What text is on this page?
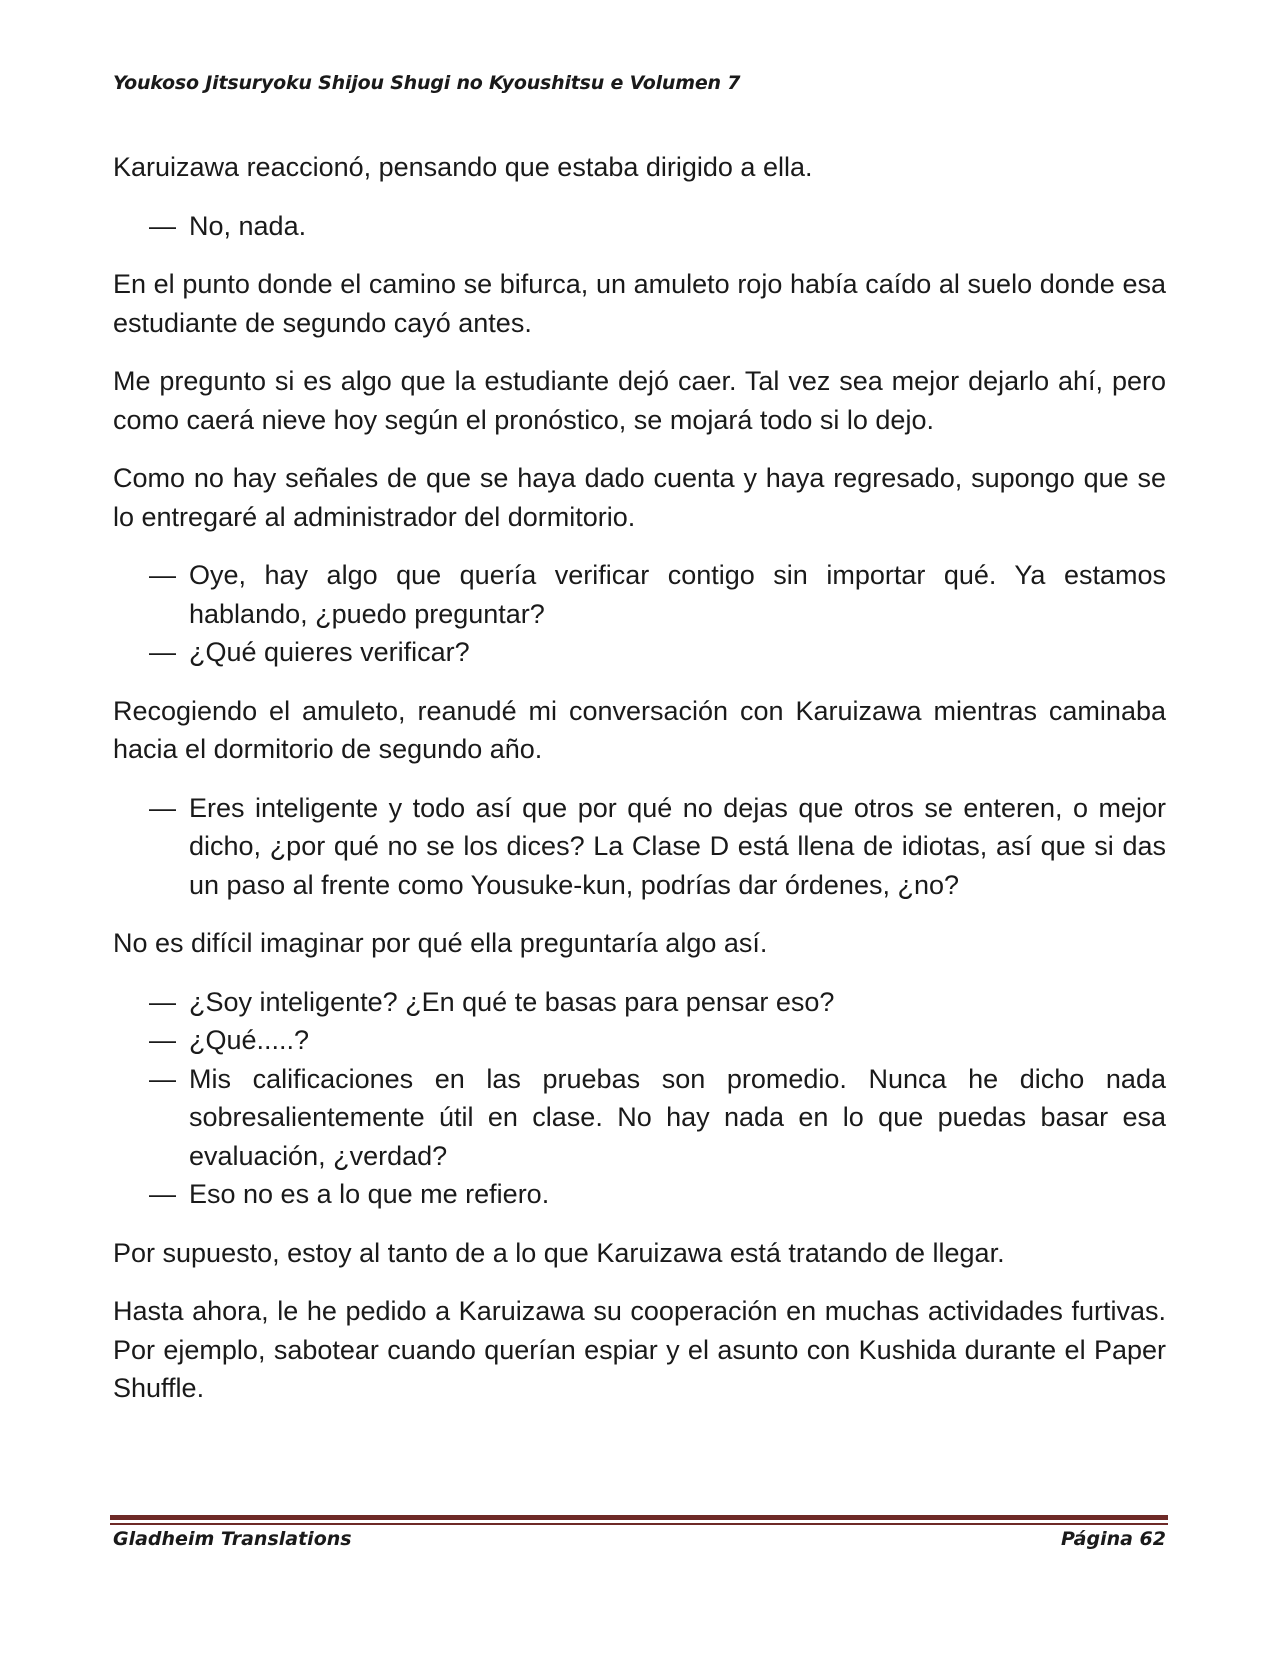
Youkoso Jitsuryoku Shijou Shugi no Kyoushitsu e Volumen 7

Karuizawa reaccionó, pensando que estaba dirigido a ella.

— No, nada.

En el punto donde el camino se bifurca, un amuleto rojo había caído al suelo donde esa estudiante de segundo cayó antes.

Me pregunto si es algo que la estudiante dejó caer. Tal vez sea mejor dejarlo ahí, pero como caerá nieve hoy según el pronóstico, se mojará todo si lo dejo.

Como no hay señales de que se haya dado cuenta y haya regresado, supongo que se lo entregaré al administrador del dormitorio.

— Oye, hay algo que quería verificar contigo sin importar qué. Ya estamos hablando, ¿puedo preguntar?
— ¿Qué quieres verificar?

Recogiendo el amuleto, reanudé mi conversación con Karuizawa mientras caminaba hacia el dormitorio de segundo año.

— Eres inteligente y todo así que por qué no dejas que otros se enteren, o mejor dicho, ¿por qué no se los dices? La Clase D está llena de idiotas, así que si das un paso al frente como Yousuke-kun, podrías dar órdenes, ¿no?

No es difícil imaginar por qué ella preguntaría algo así.

— ¿Soy inteligente? ¿En qué te basas para pensar eso?
— ¿Qué.....?
— Mis calificaciones en las pruebas son promedio. Nunca he dicho nada sobresalientemente útil en clase. No hay nada en lo que puedas basar esa evaluación, ¿verdad?
— Eso no es a lo que me refiero.

Por supuesto, estoy al tanto de a lo que Karuizawa está tratando de llegar.

Hasta ahora, le he pedido a Karuizawa su cooperación en muchas actividades furtivas. Por ejemplo, sabotear cuando querían espiar y el asunto con Kushida durante el Paper Shuffle.

Gladheim Translations	Página 62
